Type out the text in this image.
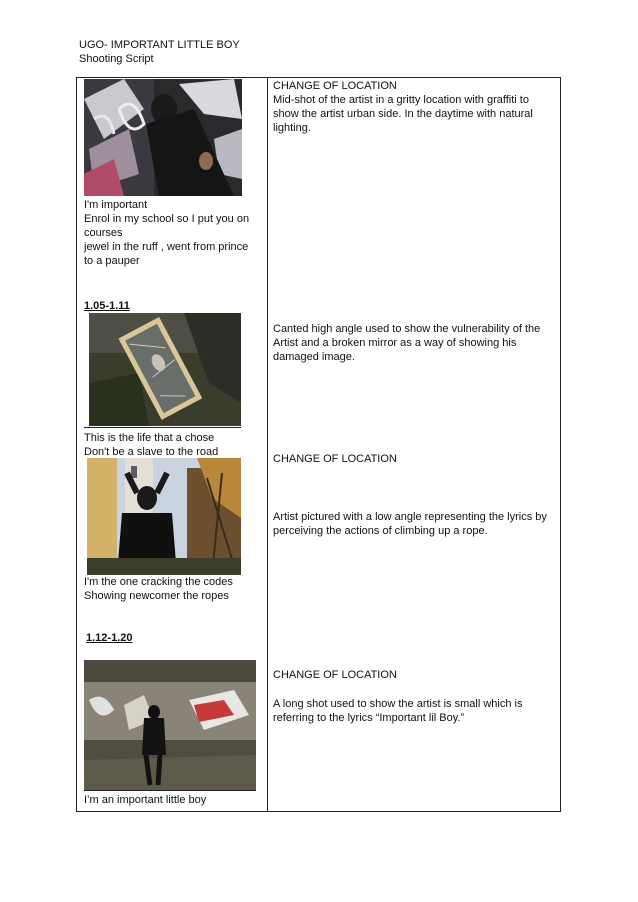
UGO- IMPORTANT LITTLE BOY
Shooting Script
I'm important
Enrol in my school so I put you on
courses
jewel in the ruff , went from prince
to a pauper
1.05-1.11
This is the life that a chose
Don't be a slave to the road
I'm the one cracking the codes
Showing newcomer the ropes
1.12-1.20
I’m an important little boy
CHANGE OF LOCATION
Mid-shot of the artist in a gritty location with graffiti to
show the artist urban side. In the daytime with natural
lighting.
Canted high angle used to show the vulnerability of the
Artist and a broken mirror as a way of showing his
damaged image.
CHANGE OF LOCATION
Artist pictured with a low angle representing the lyrics by
perceiving the actions of climbing up a rope.
CHANGE OF LOCATION
A long shot used to show the artist is small which is
referring to the lyrics “Important lil Boy.”
